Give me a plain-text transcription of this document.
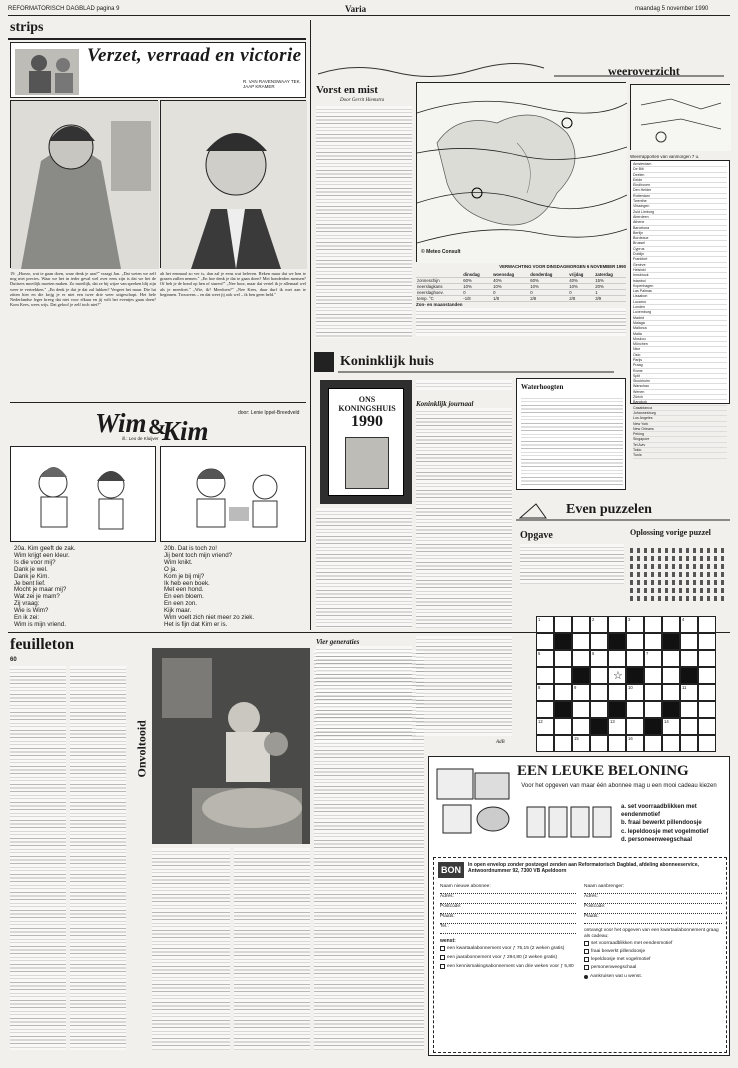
REFORMATORISCH DAGBLAD pagina 9	Varia	maandag 5 november 1990
strips
Verzet, verraad en victorie
R. VAN RAVENSWAAY TEK. JAAP KRAMER
19. „Hoezo, wat te gaan doen, waar denk je aan?" vraagt Jan. „Dat weten we zelf nog niet precies. Waar we het in ieder geval wel over eens zijn is dat we het de Duitsers moeilijk moeten maken. Zo moeilijk, dat ze bij wijze van spreken blij zijn weer te vertrekken." „En denk je dat je dat zal lukken? Vergeet het maar. Die lui zitten hier en die krijg je er niet een twee drie weer uitgeschopt. Het hele Nederlandse leger kreeg dat niet voor elkaar en jij wilt het eventjes gaan doen? Kom Kees, wees wijs. Dat geloof je zelf toch niet?"
ah het eenmaal zo ver is, dan zal je eens wat beleven. Reken maar dat we hen te grazen zullen nemen." „En hoe denk je dat te gaan doen? Met honderden mensen? Of heb je de bond op hen of sturen?" „Nee hoor, maar dat vertel ik je allemaal wel als je meedoet." „Wie, ik? Meedoen?" „Nee Kees, daar durf ik met aan te beginnen. Trouwens ‒ en dat weet jij ook wel ‒ ik ben geen held."
Wim &
Kim
door: Lenie Ippel-Breedveld
ill.: Leo de Kluijver
20a. Kim geeft de zak.
Wim krijgt een kleur.
Is die voor mij?
Dank je wel.
Dank je Kim.
Je bent lief.
Mocht je maar mij?
Wat zei je mam?
Zij vraag:
Wie is Wim?
En ik zei:
Wim is mijn vriend.
20b. Dat is toch zo!
Jij bent toch mijn vriend?
Wim knikt.
O ja.
Kom je bij mij?
Ik heb een boek.
Met een hond.
En een bloem.
En een zon.
Kijk maar.
Wim voelt zich niet meer zo ziek.
Het is fijn dat Kim er is.
feuilleton
60
Onvoltooid
weeroverzicht
Vorst en mist
Door Gerrit Hiemstra
© Meteo Consult
VERWACHTING VOOR DINSDAGMORGEN 6 NOVEMBER 1990
	dinsdag	woensdag	donderdag	vrijdag	zaterdag
zonneschijn	60%	40%	60%	40%	15%
neerslagkans	10%	10%	10%	10%	20%
neerslaghoev.	0	0	0	0	1
temp. °C	-1/8	1/8	2/8	2/8	3/9
Zon- en maanstanden
Weerrapporten van vanmorgen 7 u.
Amsterdam
De Bilt
Deelen
Eelde
Eindhoven
Den Helder
Rotterdam
Twenthe
Vlissingen
Zuid Limburg
Aberdeen
Athene
Barcelona
Berlijn
Bordeaux
Brussel
Cyprus
Dublijn
Frankfort
Genève
Helsinki
Innsbruck
Istanbul
Kopenhagen
Las Palmas
Lissabon
Locarno
Londen
Luxemburg
Madrid
Malaga
Mallorca
Malta
Moskou
München
Nice
Oslo
Parijs
Praag
Rome
Split
Stockholm
Warschau
Wenen
Zürich
Bangkok
Casablanca
Johannesburg
Los Angeles
New York
New Orleans
Peking
Singapore
Tel Aviv
Tokio
Tunis
Koninklijk huis
ONS KONINGSHUIS
1990
Koninklijk journaal
Vier generaties
AdB
Waterhoogten
Even puzzelen
Opgave	Oplossing vorige puzzel
1	2	3	4
5	6	7
☆
8	9	10	11
12	13	14
15	16
EEN LEUKE BELONING
Voor het opgeven van maar één abonnee mag u een mooi cadeau kiezen
a. set voorraadblikken met eendenmotief
b. fraai bewerkt pillendoosje
c. lepeldoosje met vogelmotief
d. personeenweegschaal
BON	In open envelop zonder postzegel zenden aan Reformatorisch Dagblad, afdeling abonneeservice, Antwoordnummer 92, 7300 VB Apeldoorn
Naam nieuwe abonnee:
Adres:
Postcode:
Plaats:
Tel.:
wenst:
een kwartaalabonnement voor ƒ 75,15 (2 weken gratis)
een jaarabonnement voor ƒ 294,80 (2 weken gratis)
een kennismakingsabonnement van drie weken voor ƒ 5,80
Naam aanbrenger:
Adres:
Postcode:
Plaats:
ontvangt voor het opgeven van een kwartaalabonnement graag als cadeau:
set voorraadblikken met eendenmotief
fraai bewerkt pillendoosje
lepeldoosje met vogelmotief
personenweegschaal
Aankruisen wat u wenst.
